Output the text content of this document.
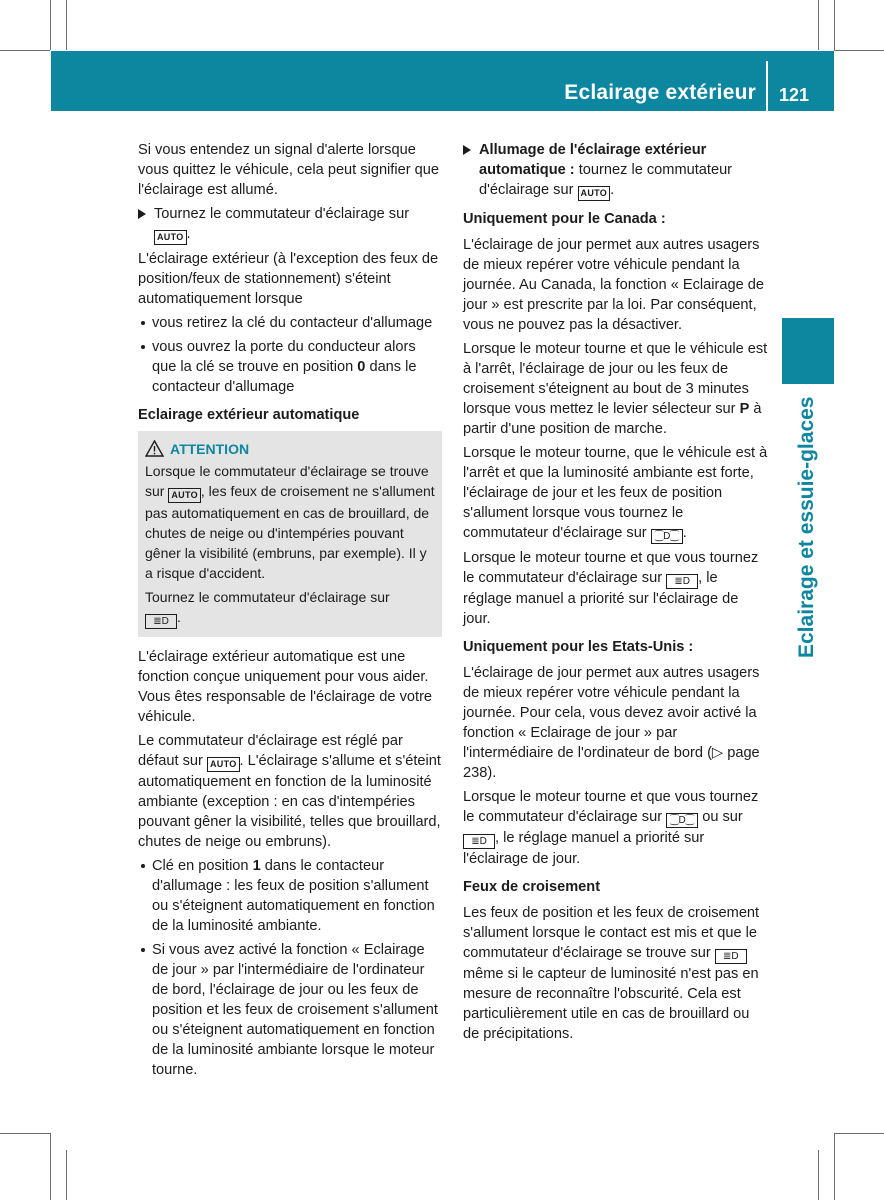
Eclairage extérieur 121
Eclairage et essuie-glaces

Si vous entendez un signal d'alerte lorsque vous quittez le véhicule, cela peut signifier que l'éclairage est allumé.

Tournez le commutateur d'éclairage sur
AUTO .

L'éclairage extérieur (à l'exception des feux de position/feux de stationnement) s'éteint automatiquement lorsque

vous retirez la clé du contacteur d'allumage
vous ouvrez la porte du conducteur alors que la clé se trouve en position 0 dans le contacteur d'allumage
Eclairage extérieur automatique
ATTENTION

Lorsque le commutateur d'éclairage se trouve sur AUTO , les feux de croisement ne s'allument pas automatiquement en cas de brouillard, de chutes de neige ou d'intempéries pouvant gêner la visibilité (embruns, par exemple). Il y a risque d'accident.

Tournez le commutateur d'éclairage sur
≣D .

L'éclairage extérieur automatique est une fonction conçue uniquement pour vous aider. Vous êtes responsable de l'éclairage de votre véhicule.

Le commutateur d'éclairage est réglé par défaut sur AUTO . L'éclairage s'allume et s'éteint automatiquement en fonction de la luminosité ambiante (exception : en cas d'intempéries pouvant gêner la visibilité, telles que brouillard, chutes de neige ou embruns).

Clé en position 1 dans le contacteur d'allumage : les feux de position s'allument ou s'éteignent automatiquement en fonction de la luminosité ambiante.
Si vous avez activé la fonction « Eclairage de jour » par l'intermédiaire de l'ordinateur de bord, l'éclairage de jour ou les feux de position et les feux de croisement s'allument ou s'éteignent automatiquement en fonction de la luminosité ambiante lorsque le moteur tourne.
Allumage de l'éclairage extérieur automatique : tournez le commutateur d'éclairage sur AUTO .
Uniquement pour le Canada :

L'éclairage de jour permet aux autres usagers de mieux repérer votre véhicule pendant la journée. Au Canada, la fonction « Eclairage de jour » est prescrite par la loi. Par conséquent, vous ne pouvez pas la désactiver.

Lorsque le moteur tourne et que le véhicule est à l'arrêt, l'éclairage de jour ou les feux de croisement s'éteignent au bout de 3 minutes lorsque vous mettez le levier sélecteur sur P à partir d'une position de marche.

Lorsque le moteur tourne, que le véhicule est à l'arrêt et que la luminosité ambiante est forte, l'éclairage de jour et les feux de position s'allument lorsque vous tournez le commutateur d'éclairage sur ⁐D⁐ .

Lorsque le moteur tourne et que vous tournez le commutateur d'éclairage sur ≣D , le réglage manuel a priorité sur l'éclairage de jour.

Uniquement pour les Etats-Unis :

L'éclairage de jour permet aux autres usagers de mieux repérer votre véhicule pendant la journée. Pour cela, vous devez avoir activé la fonction « Eclairage de jour » par l'intermédiaire de l'ordinateur de bord (▷ page 238).

Lorsque le moteur tourne et que vous tournez le commutateur d'éclairage sur ⁐D⁐ ou sur ≣D , le réglage manuel a priorité sur l'éclairage de jour.

Feux de croisement

Les feux de position et les feux de croisement s'allument lorsque le contact est mis et que le commutateur d'éclairage se trouve sur ≣D même si le capteur de luminosité n'est pas en mesure de reconnaître l'obscurité. Cela est particulièrement utile en cas de brouillard ou de précipitations.
